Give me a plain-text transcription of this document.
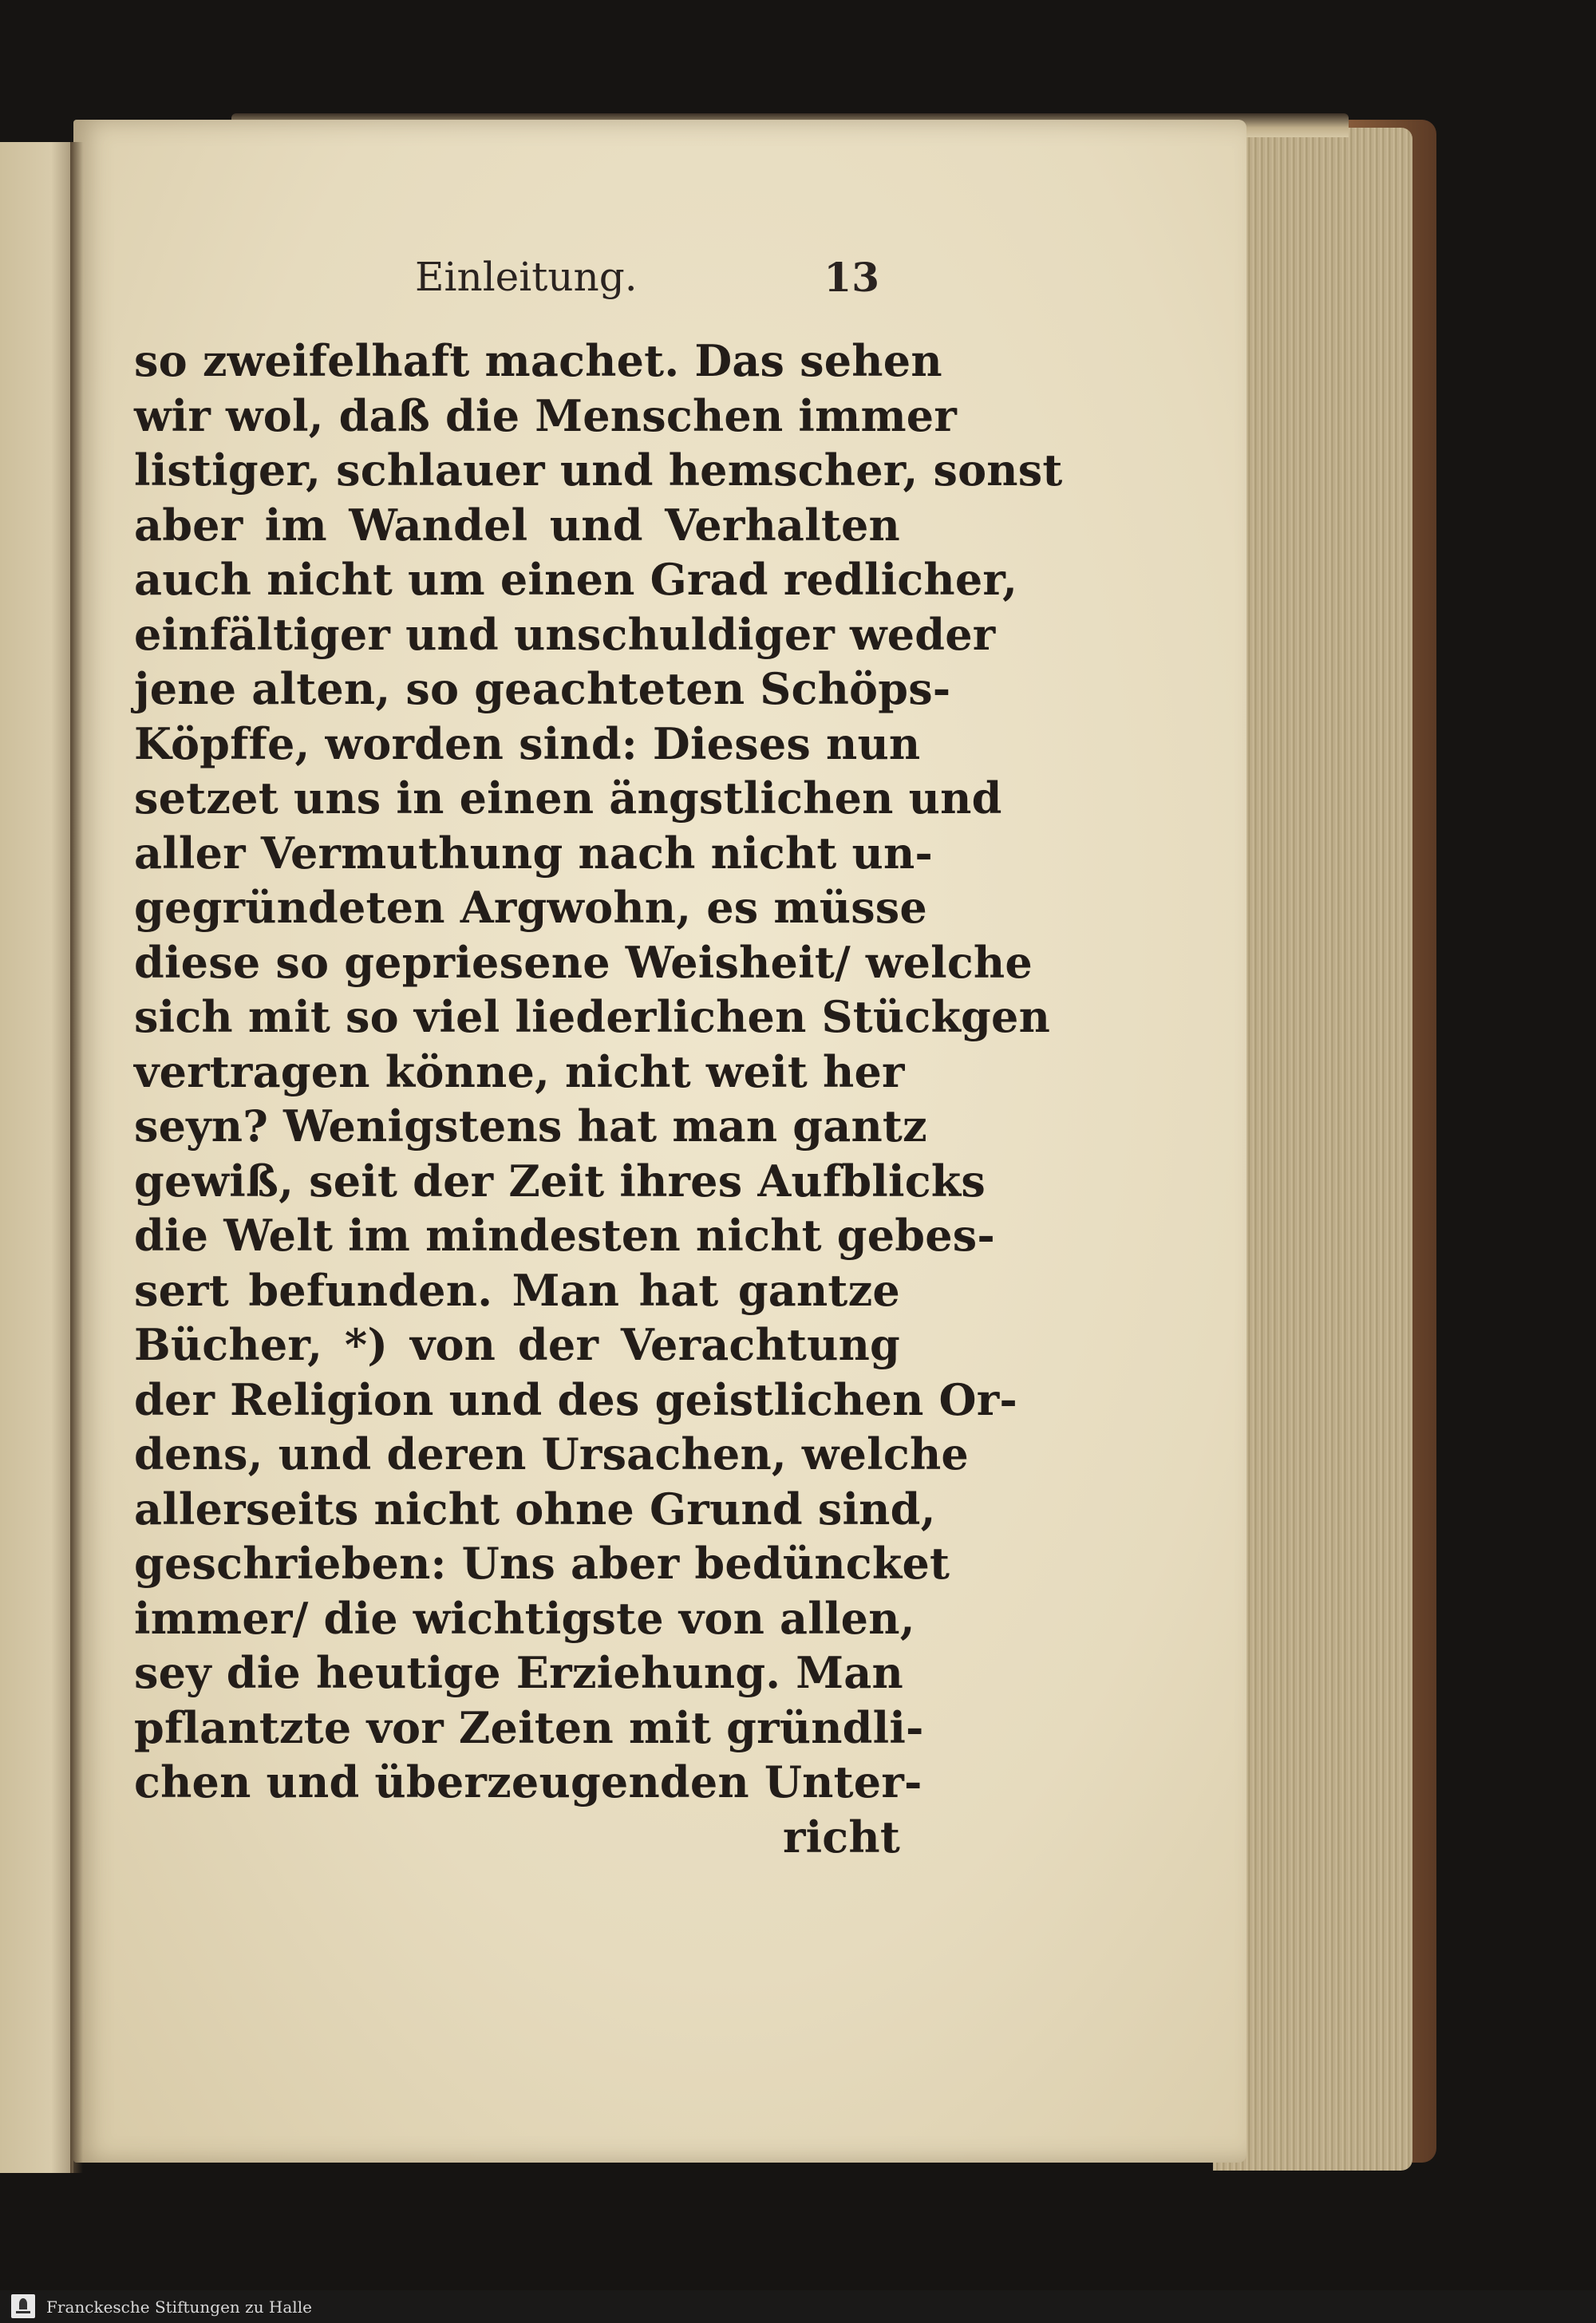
Einleitung.	13
so zweifelhaft machet. Das sehen
wir wol, daß die Menschen immer
listiger, schlauer und hemscher, sonst
aber im Wandel und Verhalten
auch nicht um einen Grad redlicher,
einfältiger und unschuldiger weder
jene alten, so geachteten Schöps-
Köpffe, worden sind: Dieses nun
setzet uns in einen ängstlichen und
aller Vermuthung nach nicht un-
gegründeten Argwohn, es müsse
diese so gepriesene Weisheit/ welche
sich mit so viel liederlichen Stückgen
vertragen könne, nicht weit her
seyn? Wenigstens hat man gantz
gewiß, seit der Zeit ihres Aufblicks
die Welt im mindesten nicht gebes-
sert befunden. Man hat gantze
Bücher, *) von der Verachtung
der Religion und des geistlichen Or-
dens, und deren Ursachen, welche
allerseits nicht ohne Grund sind,
geschrieben: Uns aber bedüncket
immer/ die wichtigste von allen,
sey die heutige Erziehung. Man
pflantzte vor Zeiten mit gründli-
chen und überzeugenden Unter-
richt
Franckesche Stiftungen zu Halle
